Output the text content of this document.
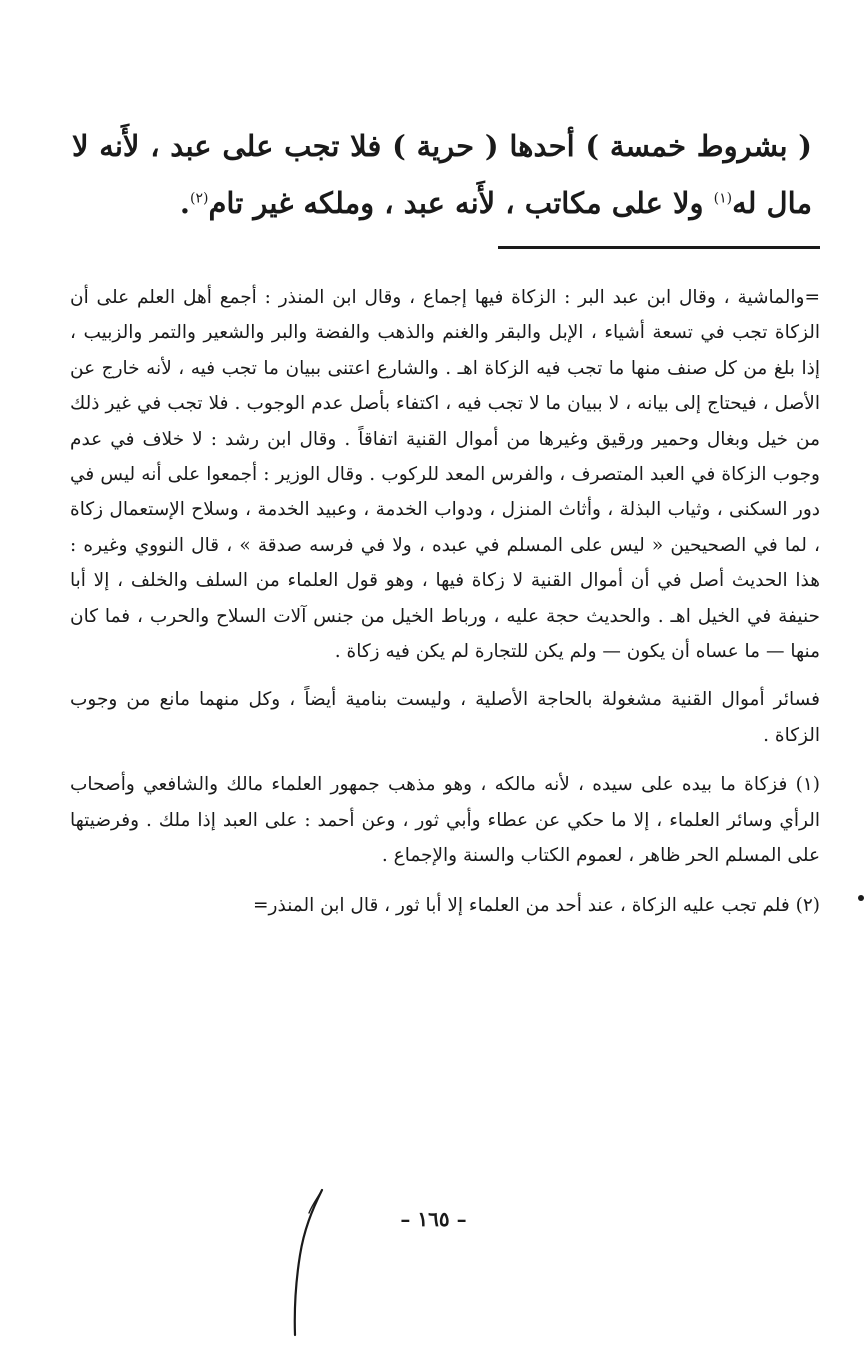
( بشروط خمسة ) أحدها ( حرية ) فلا تجب على عبد ، لأَنه لا مال له$^{(١)}$ ولا على مكاتب ، لأَنه عبد ، وملكه غير تام$^{(٢)}$.

=والماشية ، وقال ابن عبد البر : الزكاة فيها إجماع ، وقال ابن المنذر : أجمع أهل العلم على أن الزكاة تجب في تسعة أشياء ، الإبل والبقر والغنم والذهب والفضة والبر والشعير والتمر والزبيب ، إذا بلغ من كل صنف منها ما تجب فيه الزكاة اهـ . والشارع اعتنى ببيان ما تجب فيه ، لأنه خارج عن الأصل ، فيحتاج إلى بيانه ، لا ببيان ما لا تجب فيه ، اكتفاء بأصل عدم الوجوب . فلا تجب في غير ذلك من خيل وبغال وحمير ورقيق وغيرها من أموال القنية اتفاقاً . وقال ابن رشد : لا خلاف في عدم وجوب الزكاة في العبد المتصرف ، والفرس المعد للركوب . وقال الوزير : أجمعوا على أنه ليس في دور السكنى ، وثياب البذلة ، وأثاث المنزل ، ودواب الخدمة ، وعبيد الخدمة ، وسلاح الإستعمال زكاة ، لما في الصحيحين « ليس على المسلم في عبده ، ولا في فرسه صدقة » ، قال النووي وغيره : هذا الحديث أصل في أن أموال القنية لا زكاة فيها ، وهو قول العلماء من السلف والخلف ، إلا أبا حنيفة في الخيل اهـ . والحديث حجة عليه ، ورباط الخيل من جنس آلات السلاح والحرب ، فما كان منها — ما عساه أن يكون — ولم يكن للتجارة لم يكن فيه زكاة .

فسائر أموال القنية مشغولة بالحاجة الأصلية ، وليست بنامية أيضاً ، وكل منهما مانع من وجوب الزكاة .

(١) فزكاة ما بيده على سيده ، لأنه مالكه ، وهو مذهب جمهور العلماء مالك والشافعي وأصحاب الرأي وسائر العلماء ، إلا ما حكي عن عطاء وأبي ثور ، وعن أحمد : على العبد إذا ملك . وفرضيتها على المسلم الحر ظاهر ، لعموم الكتاب والسنة والإجماع .

(٢) فلم تجب عليه الزكاة ، عند أحد من العلماء إلا أبا ثور ، قال ابن المنذر=

– ١٦٥ –
